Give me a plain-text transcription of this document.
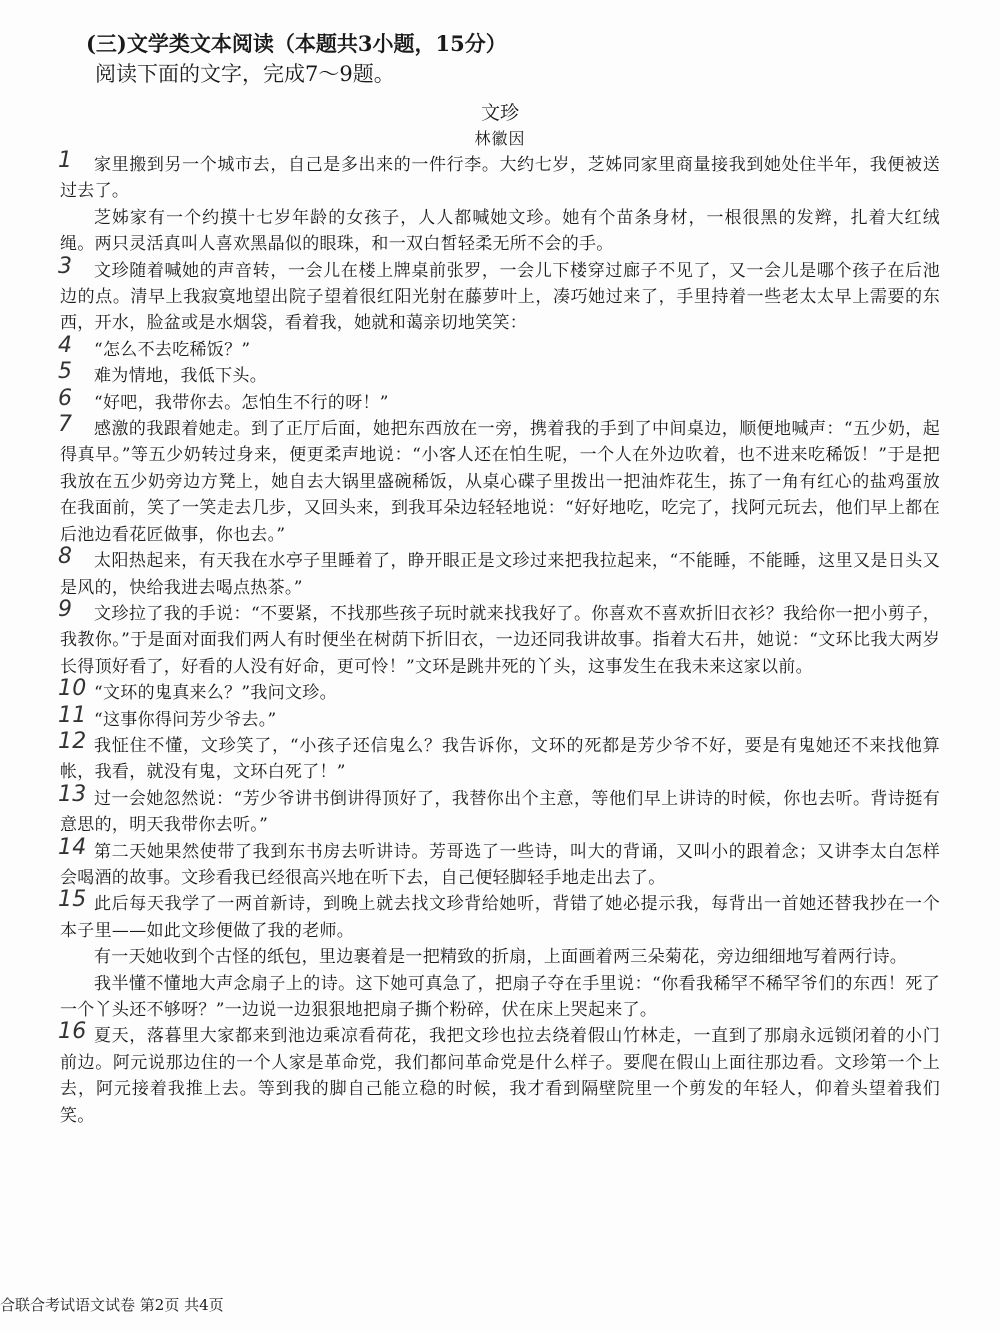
(三)文学类文本阅读（本题共3小题，15分）
阅读下面的文字，完成7～9题。
文珍
林徽因

1 家里搬到另一个城市去，自己是多出来的一件行李。大约七岁，芝姊同家里商量接我到她处住半年，我便被送过去了。

芝姊家有一个约摸十七岁年龄的女孩子，人人都喊她文珍。她有个苗条身材，一根很黑的发辫，扎着大红绒绳。两只灵活真叫人喜欢黑晶似的眼珠，和一双白皙轻柔无所不会的手。

3 文珍随着喊她的声音转，一会儿在楼上牌桌前张罗，一会儿下楼穿过廊子不见了，又一会儿是哪个孩子在后池边的点。清早上我寂寞地望出院子望着很红阳光射在藤萝叶上，凑巧她过来了，手里持着一些老太太早上需要的东西，开水，脸盆或是水烟袋，看着我，她就和蔼亲切地笑笑：

4 “怎么不去吃稀饭？”

5 难为情地，我低下头。

6 “好吧，我带你去。怎怕生不行的呀！”

7 感激的我跟着她走。到了正厅后面，她把东西放在一旁，携着我的手到了中间桌边，顺便地喊声：“五少奶，起得真早。”等五少奶转过身来，便更柔声地说：“小客人还在怕生呢，一个人在外边吹着，也不进来吃稀饭！”于是把我放在五少奶旁边方凳上，她自去大锅里盛碗稀饭，从桌心碟子里拨出一把油炸花生，拣了一角有红心的盐鸡蛋放在我面前，笑了一笑走去几步，又回头来，到我耳朵边轻轻地说：“好好地吃，吃完了，找阿元玩去，他们早上都在后池边看花匠做事，你也去。”

8 太阳热起来，有天我在水亭子里睡着了，睁开眼正是文珍过来把我拉起来，“不能睡，不能睡，这里又是日头又是风的，快给我进去喝点热茶。”

9 文珍拉了我的手说：“不要紧，不找那些孩子玩时就来找我好了。你喜欢不喜欢折旧衣衫？我给你一把小剪子，我教你。”于是面对面我们两人有时便坐在树荫下折旧衣，一边还同我讲故事。指着大石井，她说：“文环比我大两岁长得顶好看了，好看的人没有好命，更可怜！”文环是跳井死的丫头，这事发生在我未来这家以前。

10 “文环的鬼真来么？”我问文珍。

11 “这事你得问芳少爷去。”

12 我怔住不懂，文珍笑了，“小孩子还信鬼么？我告诉你，文环的死都是芳少爷不好，要是有鬼她还不来找他算帐，我看，就没有鬼，文环白死了！”

13 过一会她忽然说：“芳少爷讲书倒讲得顶好了，我替你出个主意，等他们早上讲诗的时候，你也去听。背诗挺有意思的，明天我带你去听。”

14 第二天她果然使带了我到东书房去听讲诗。芳哥选了一些诗，叫大的背诵，又叫小的跟着念；又讲李太白怎样会喝酒的故事。文珍看我已经很高兴地在听下去，自己便轻脚轻手地走出去了。

15 此后每天我学了一两首新诗，到晚上就去找文珍背给她听，背错了她必提示我，每背出一首她还替我抄在一个本子里——如此文珍便做了我的老师。

有一天她收到个古怪的纸包，里边裹着是一把精致的折扇，上面画着两三朵菊花，旁边细细地写着两行诗。

我半懂不懂地大声念扇子上的诗。这下她可真急了，把扇子夺在手里说：“你看我稀罕不稀罕爷们的东西！死了一个丫头还不够呀？”一边说一边狠狠地把扇子撕个粉碎，伏在床上哭起来了。

16 夏天，落暮里大家都来到池边乘凉看荷花，我把文珍也拉去绕着假山竹林走，一直到了那扇永远锁闭着的小门前边。阿元说那边住的一个人家是革命党，我们都问革命党是什么样子。要爬在假山上面往那边看。文珍第一个上去，阿元接着我推上去。等到我的脚自己能立稳的时候，我才看到隔壁院里一个剪发的年轻人，仰着头望着我们笑。

合联合考试语文试卷 第2页 共4页
